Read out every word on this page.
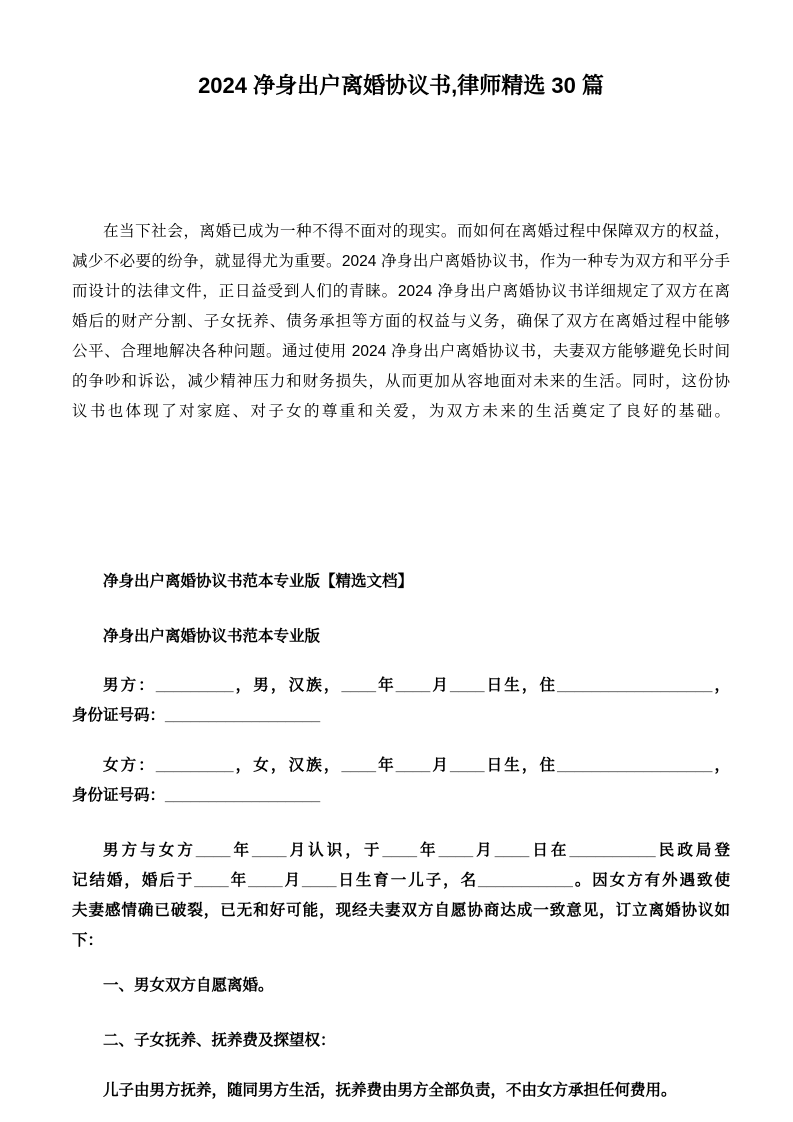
2024 净身出户离婚协议书,律师精选 30 篇
在当下社会，离婚已成为一种不得不面对的现实。而如何在离婚过程中保障双方的权益，
减少不必要的纷争，就显得尤为重要。2024 净身出户离婚协议书，作为一种专为双方和平分手
而设计的法律文件，正日益受到人们的青睐。2024 净身出户离婚协议书详细规定了双方在离
婚后的财产分割、子女抚养、债务承担等方面的权益与义务，确保了双方在离婚过程中能够
公平、合理地解决各种问题。通过使用 2024 净身出户离婚协议书，夫妻双方能够避免长时间
的争吵和诉讼，减少精神压力和财务损失，从而更加从容地面对未来的生活。同时，这份协
议书也体现了对家庭、对子女的尊重和关爱，为双方未来的生活奠定了良好的基础。
净身出户离婚协议书范本专业版【精选文档】
净身出户离婚协议书范本专业版
男方：_________，男，汉族，____年____月____日生，住__________________，
身份证号码：__________________
女方：_________，女，汉族，____年____月____日生，住__________________，
身份证号码：__________________
男方与女方____年____月认识，于____年____月____日在__________民政局登
记结婚，婚后于____年____月____日生育一儿子，名___________。因女方有外遇致使
夫妻感情确已破裂，已无和好可能，现经夫妻双方自愿协商达成一致意见，订立离婚协议如
下：
一、男女双方自愿离婚。
二、子女抚养、抚养费及探望权：
儿子由男方抚养，随同男方生活，抚养费由男方全部负责，不由女方承担任何费用。
